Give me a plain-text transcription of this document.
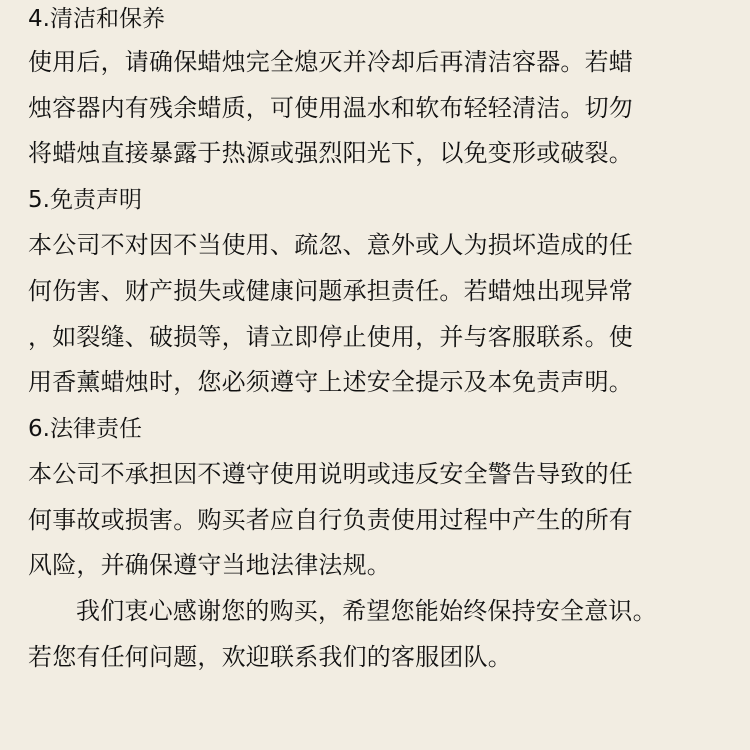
4.清洁和保养

使用后，请确保蜡烛完全熄灭并冷却后再清洁容器。若蜡

烛容器内有残余蜡质，可使用温水和软布轻轻清洁。切勿

将蜡烛直接暴露于热源或强烈阳光下，以免变形或破裂。

5.免责声明

本公司不对因不当使用、疏忽、意外或人为损坏造成的任

何伤害、财产损失或健康问题承担责任。若蜡烛出现异常

，如裂缝、破损等，请立即停止使用，并与客服联系。使

用香薰蜡烛时，您必须遵守上述安全提示及本免责声明。

6.法律责任

本公司不承担因不遵守使用说明或违反安全警告导致的任

何事故或损害。购买者应自行负责使用过程中产生的所有

风险，并确保遵守当地法律法规。

我们衷心感谢您的购买，希望您能始终保持安全意识。

若您有任何问题，欢迎联系我们的客服团队。
